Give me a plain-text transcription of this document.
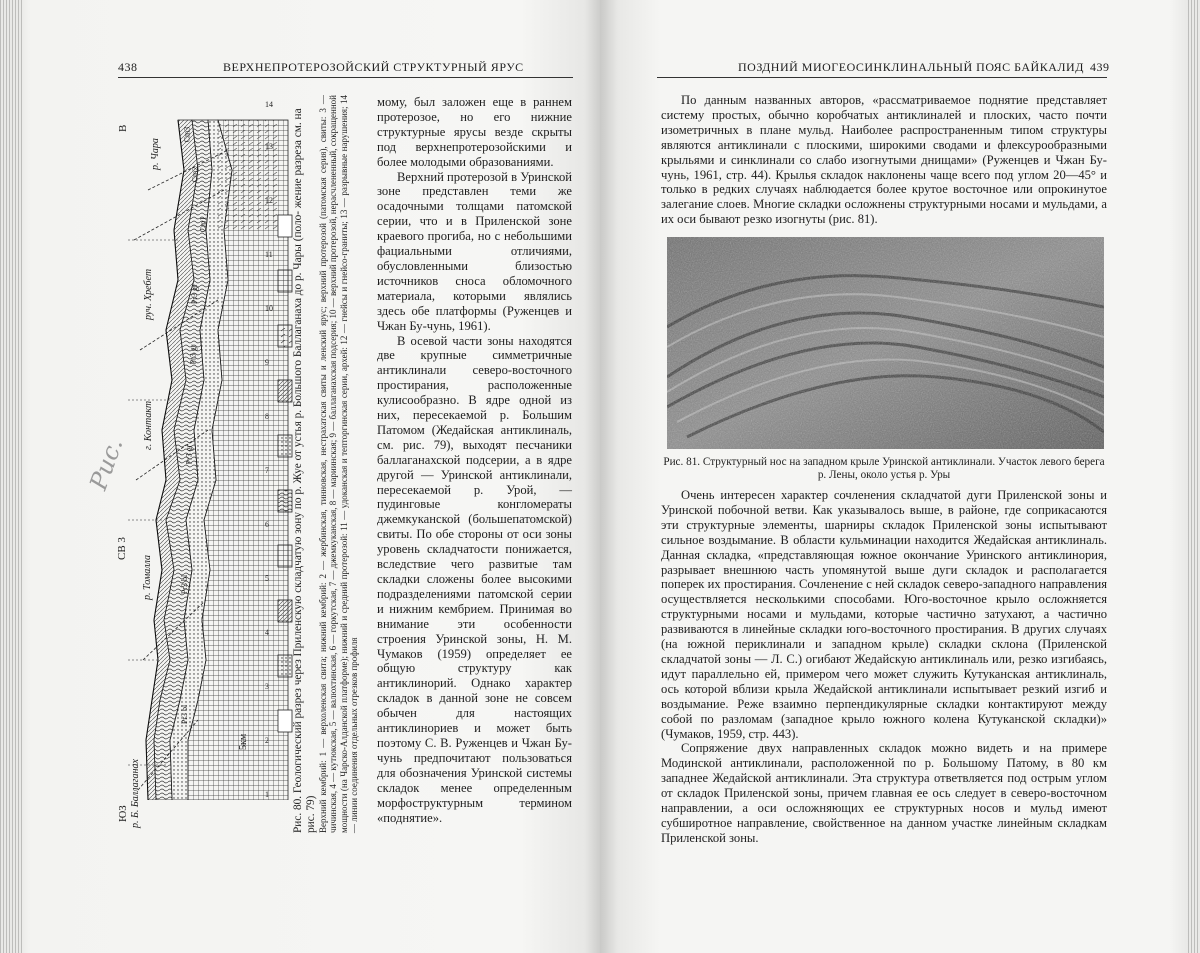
438	ВЕРХНЕПРОТЕРОЗОЙСКИЙ СТРУКТУРНЫЙ ЯРУС
ЮЗ
В
СВ 3
5км
р. Б. Баллаганах
р. Томалла
г. Контакт
руч. Хребет
р. Чара
Pr3 bl
Pr3 bl
Pr3 gr
Pr3 gr
Pr3 gt
Cm1
Cm2
Cm3
1
2
3
4
5
6
7
8
9
10
11
12
13
14

Рис. 80. Геологический разрез через Приленскую складчатую зону по р. Жуе от устья р. Большого Баллаганаха до р. Чары (поло- жение разреза см. на рис. 79) Верхний кембрий: 1 — верхоленская свита; нижний кембрий: 2 — жербинская, тинновская, нестрахатская свиты и ленский ярус; верхний протерозой (патомская серия), свиты: 3 — чичинская, 4 — кутюкская, 5 — валюхтинская, 6 — горкутская, 7 — джемкуканская, 8 — мариинская; 9 — баллаганахская подсерия; 10 — верхний протерозой, нерасчлененный, сокращенной мощности (на Чарско-Алданской платформе); нижний и средний протерозой: 11 — удоканская и тепторгинская серии, архей: 12 — гнейсы и гнейсо-граниты; 13 — разрывные нарушения; 14 — линии соединения отдельных отрезков профиля

Рис.

мому, был заложен еще в раннем протерозое, но его нижние структурные ярусы везде скрыты под верхнепротерозойскими и более молодыми образованиями.

Верхний протерозой в Уринской зоне представлен теми же осадочными толщами патомской серии, что и в Приленской зоне краевого прогиба, но с небольшими фациальными отличиями, обусловленными близостью источников сноса обломочного материала, которыми являлись здесь обе платформы (Руженцев и Чжан Бу-чунь, 1961).

В осевой части зоны находятся две крупные симметричные антиклинали северо-восточного простирания, расположенные кулисообразно. В ядре одной из них, пересекаемой р. Большим Патомом (Жедайская антиклиналь, см. рис. 79), выходят песчаники баллаганахской подсерии, а в ядре другой — Уринской антиклинали, пересекаемой р. Урой, — пудинговые конгломераты джемкуканской (большепатомской) свиты. По обе стороны от оси зоны уровень складчатости понижается, вследствие чего развитые там складки сложены более высокими подразделениями патомской серии и нижним кембрием. Принимая во внимание эти особенности строения Уринской зоны, Н. М. Чумаков (1959) определяет ее общую структуру как антиклинорий. Однако характер складок в данной зоне не совсем обычен для настоящих антиклинориев и может быть поэтому С. В. Руженцев и Чжан Бу-чунь предпочитают пользоваться для обозначения Уринской системы складок менее определенным морфоструктурным термином «поднятие».

ПОЗДНИЙ МИОГЕОСИНКЛИНАЛЬНЫЙ ПОЯС БАЙКАЛИД 439

По данным названных авторов, «рассматриваемое поднятие представляет систему простых, обычно коробчатых антиклиналей и плоских, часто почти изометричных в плане мульд. Наиболее распространенным типом структуры являются антиклинали с плоскими, широкими сводами и флексурообразными крыльями и синклинали со слабо изогнутыми днищами» (Руженцев и Чжан Бу-чунь, 1961, стр. 44). Крылья складок наклонены чаще всего под углом 20—45° и только в редких случаях наблюдается более крутое восточное или опрокинутое залегание слоев. Многие складки осложнены структурными носами и мульдами, а их оси бывают резко изогнуты (рис. 81).

Рис. 81. Структурный нос на западном крыле Уринской антиклинали. Участок левого берега р. Лены, около устья р. Уры

Очень интересен характер сочленения складчатой дуги Приленской зоны и Уринской побочной ветви. Как указывалось выше, в районе, где соприкасаются эти структурные элементы, шарниры складок Приленской зоны испытывают сильное воздымание. В области кульминации находится Жедайская антиклиналь. Данная складка, «представляющая южное окончание Уринского антиклинория, разрывает внешнюю часть упомянутой выше дуги складок и располагается поперек их простирания. Сочленение с ней складок северо-западного направления осуществляется несколькими способами. Юго-восточное крыло осложняется структурными носами и мульдами, которые частично затухают, а частично развиваются в линейные складки юго-восточного простирания. В других случаях (на южной периклинали и западном крыле) складки склона (Приленской складчатой зоны — Л. С.) огибают Жедайскую антиклиналь или, резко изгибаясь, идут параллельно ей, примером чего может служить Кутуканская антиклиналь, ось которой вблизи крыла Жедайской антиклинали испытывает резкий изгиб и воздымание. Реже взаимно перпендикулярные складки контактируют между собой по разломам (западное крыло южного колена Кутуканской складки)» (Чумаков, 1959, стр. 443).

Сопряжение двух направленных складок можно видеть и на примере Модинской антиклинали, расположенной по р. Большому Патому, в 80 км западнее Жедайской антиклинали. Эта структура ответвляется под острым углом от складок Приленской зоны, причем главная ее ось следует в северо-восточном направлении, а оси осложняющих ее структурных носов и мульд имеют субширотное направление, свойственное на данном участке линейным складкам Приленской зоны.
